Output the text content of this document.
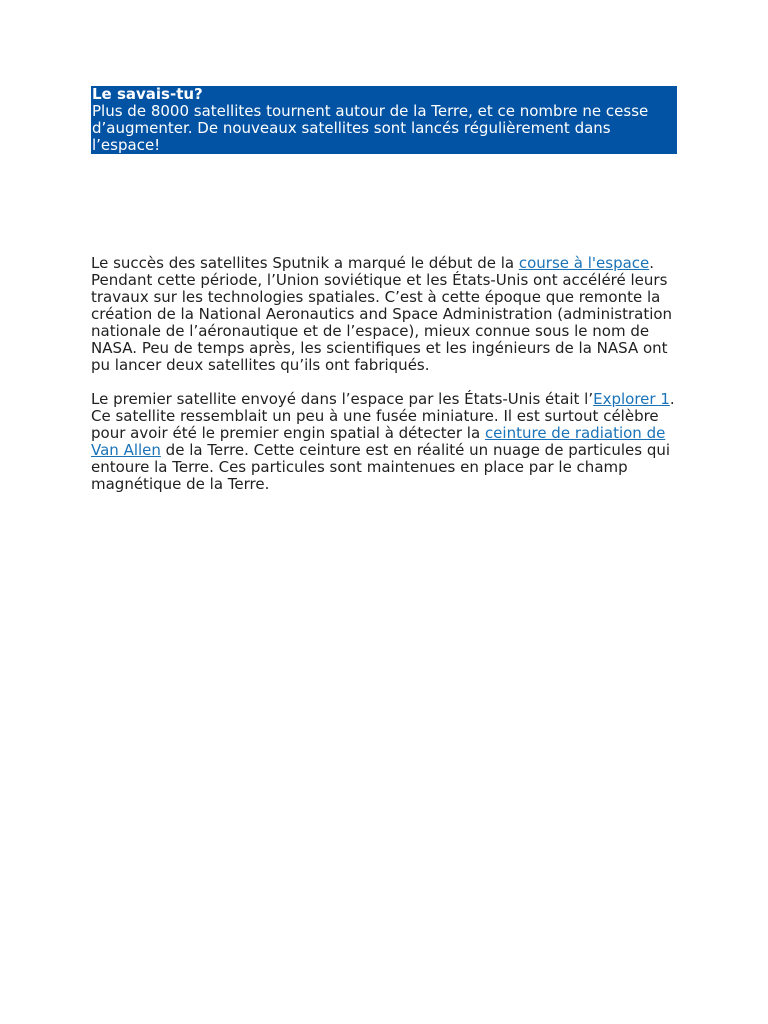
Le savais-tu?
Plus de 8000 satellites tournent autour de la Terre, et ce nombre ne cesse d’augmenter. De nouveaux satellites sont lancés régulièrement dans l’espace!

Le succès des satellites Sputnik a marqué le début de la course à l'espace. Pendant cette période, l’Union soviétique et les États-Unis ont accéléré leurs travaux sur les technologies spatiales. C’est à cette époque que remonte la création de la National Aeronautics and Space Administration (administration nationale de l’aéronautique et de l’espace), mieux connue sous le nom de NASA. Peu de temps après, les scientifiques et les ingénieurs de la NASA ont pu lancer deux satellites qu’ils ont fabriqués.

Le premier satellite envoyé dans l’espace par les États-Unis était l’Explorer 1. Ce satellite ressemblait un peu à une fusée miniature. Il est surtout célèbre pour avoir été le premier engin spatial à détecter la ceinture de radiation de Van Allen de la Terre. Cette ceinture est en réalité un nuage de particules qui entoure la Terre. Ces particules sont maintenues en place par le champ magnétique de la Terre.
